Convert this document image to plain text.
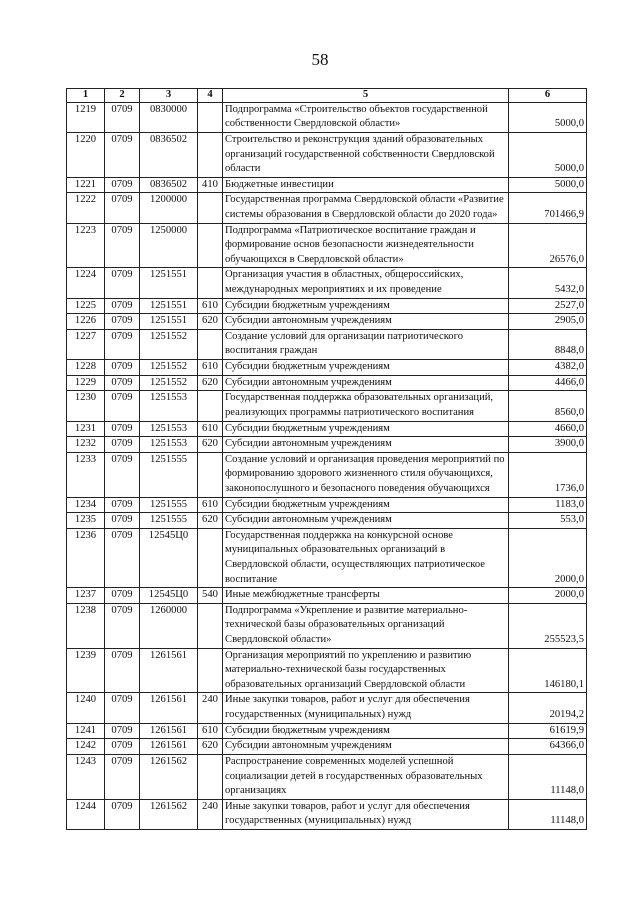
58
1	2	3	4	5	6
1219	0709	0830000		Подпрограмма «Строительство объектов государственной собственности Свердловской области»	5000,0
1220	0709	0836502		Строительство и реконструкция зданий образовательных организаций государственной собственности Свердловской области	5000,0
1221	0709	0836502	410	Бюджетные инвестиции	5000,0
1222	0709	1200000		Государственная программа Свердловской области «Развитие системы образования в Свердловской области до 2020 года»	701466,9
1223	0709	1250000		Подпрограмма «Патриотическое воспитание граждан и формирование основ безопасности жизнедеятельности обучающихся в Свердловской области»	26576,0
1224	0709	1251551		Организация участия в областных, общероссийских, международных мероприятиях и их проведение	5432,0
1225	0709	1251551	610	Субсидии бюджетным учреждениям	2527,0
1226	0709	1251551	620	Субсидии автономным учреждениям	2905,0
1227	0709	1251552		Создание условий для организации патриотического воспитания граждан	8848,0
1228	0709	1251552	610	Субсидии бюджетным учреждениям	4382,0
1229	0709	1251552	620	Субсидии автономным учреждениям	4466,0
1230	0709	1251553		Государственная поддержка образовательных организаций, реализующих программы патриотического воспитания	8560,0
1231	0709	1251553	610	Субсидии бюджетным учреждениям	4660,0
1232	0709	1251553	620	Субсидии автономным учреждениям	3900,0
1233	0709	1251555		Создание условий и организация проведения мероприятий по формированию здорового жизненного стиля обучающихся, законопослушного и безопасного поведения обучающихся	1736,0
1234	0709	1251555	610	Субсидии бюджетным учреждениям	1183,0
1235	0709	1251555	620	Субсидии автономным учреждениям	553,0
1236	0709	12545Ц0		Государственная поддержка на конкурсной основе муниципальных образовательных организаций в Свердловской области, осуществляющих патриотическое воспитание	2000,0
1237	0709	12545Ц0	540	Иные межбюджетные трансферты	2000,0
1238	0709	1260000		Подпрограмма «Укрепление и развитие материально-технической базы образовательных организаций Свердловской области»	255523,5
1239	0709	1261561		Организация мероприятий по укреплению и развитию материально-технической базы государственных образовательных организаций Свердловской области	146180,1
1240	0709	1261561	240	Иные закупки товаров, работ и услуг для обеспечения государственных (муниципальных) нужд	20194,2
1241	0709	1261561	610	Субсидии бюджетным учреждениям	61619,9
1242	0709	1261561	620	Субсидии автономным учреждениям	64366,0
1243	0709	1261562		Распространение современных моделей успешной социализации детей в государственных образовательных организациях	11148,0
1244	0709	1261562	240	Иные закупки товаров, работ и услуг для обеспечения государственных (муниципальных) нужд	11148,0
